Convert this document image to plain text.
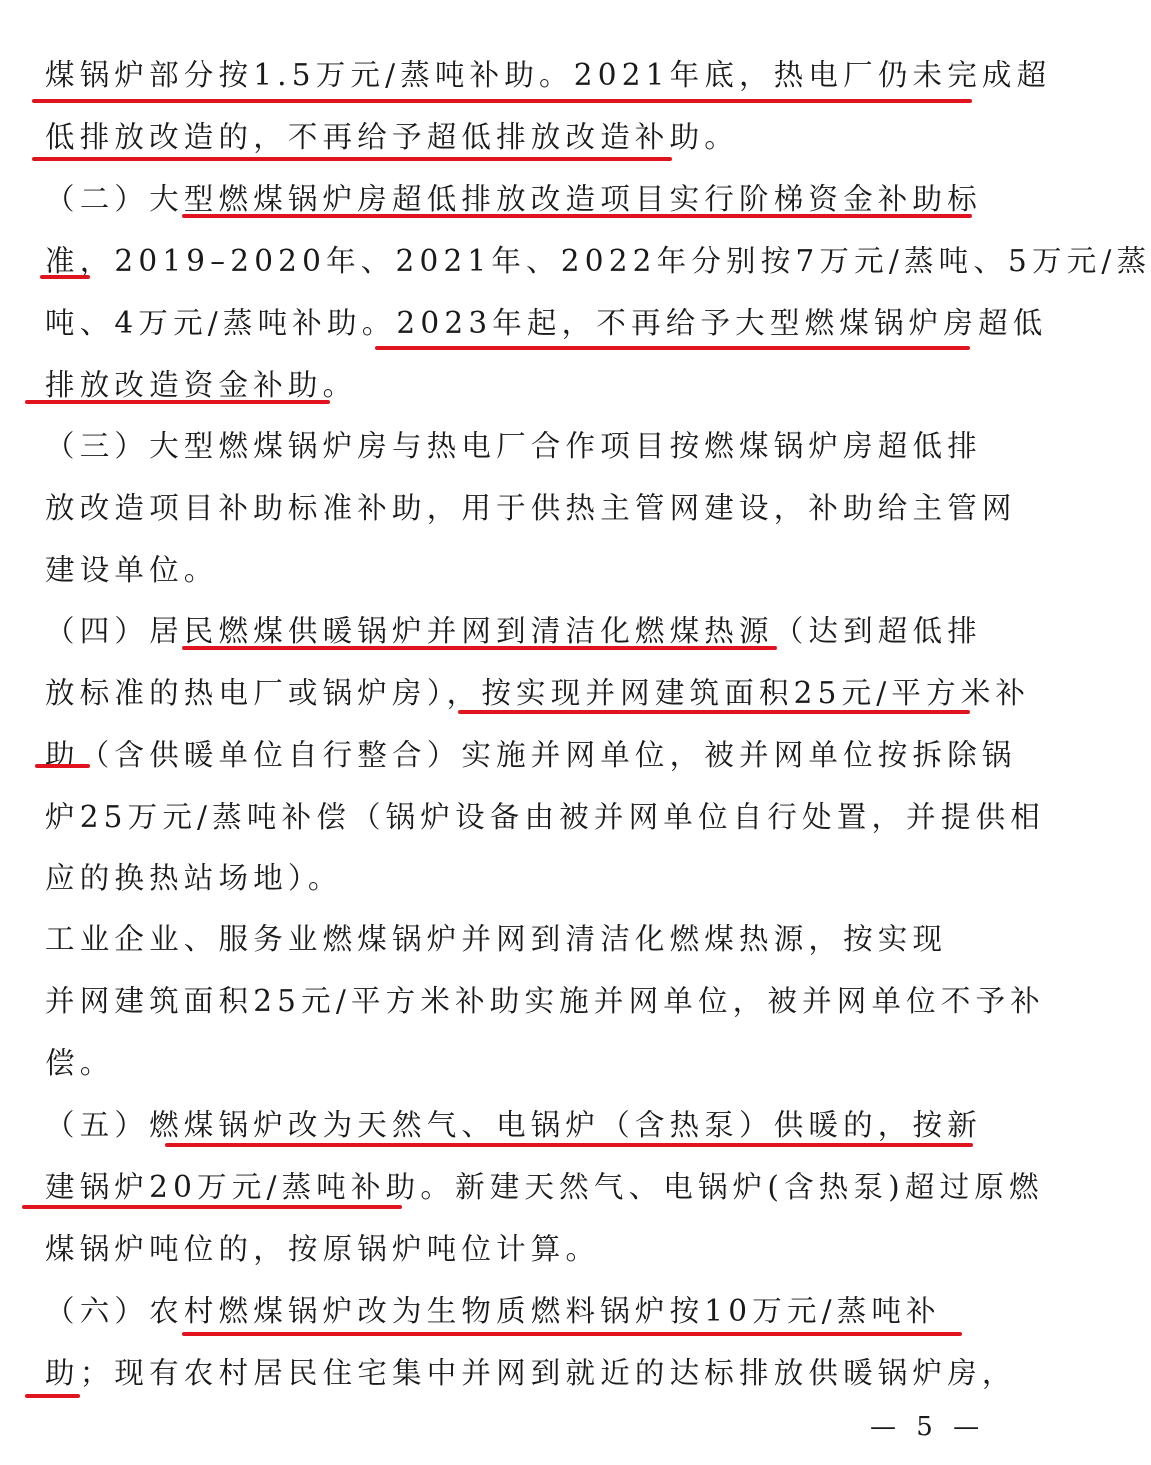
煤锅炉部分按1.5万元/蒸吨补助。2021年底，热电厂仍未完成超
低排放改造的，不再给予超低排放改造补助。
（二）大型燃煤锅炉房超低排放改造项目实行阶梯资金补助标
准，2019–2020年、2021年、2022年分别按7万元/蒸吨、5万元/蒸
吨、4万元/蒸吨补助。2023年起，不再给予大型燃煤锅炉房超低
排放改造资金补助。
（三）大型燃煤锅炉房与热电厂合作项目按燃煤锅炉房超低排
放改造项目补助标准补助，用于供热主管网建设，补助给主管网
建设单位。
（四）居民燃煤供暖锅炉并网到清洁化燃煤热源（达到超低排
放标准的热电厂或锅炉房），按实现并网建筑面积25元/平方米补
助（含供暖单位自行整合）实施并网单位，被并网单位按拆除锅
炉25万元/蒸吨补偿（锅炉设备由被并网单位自行处置，并提供相
应的换热站场地）。
工业企业、服务业燃煤锅炉并网到清洁化燃煤热源，按实现
并网建筑面积25元/平方米补助实施并网单位，被并网单位不予补
偿。
（五）燃煤锅炉改为天然气、电锅炉（含热泵）供暖的，按新
建锅炉20万元/蒸吨补助。新建天然气、电锅炉(含热泵)超过原燃
煤锅炉吨位的，按原锅炉吨位计算。
（六）农村燃煤锅炉改为生物质燃料锅炉按10万元/蒸吨补
助；现有农村居民住宅集中并网到就近的达标排放供暖锅炉房，
— 5 —
